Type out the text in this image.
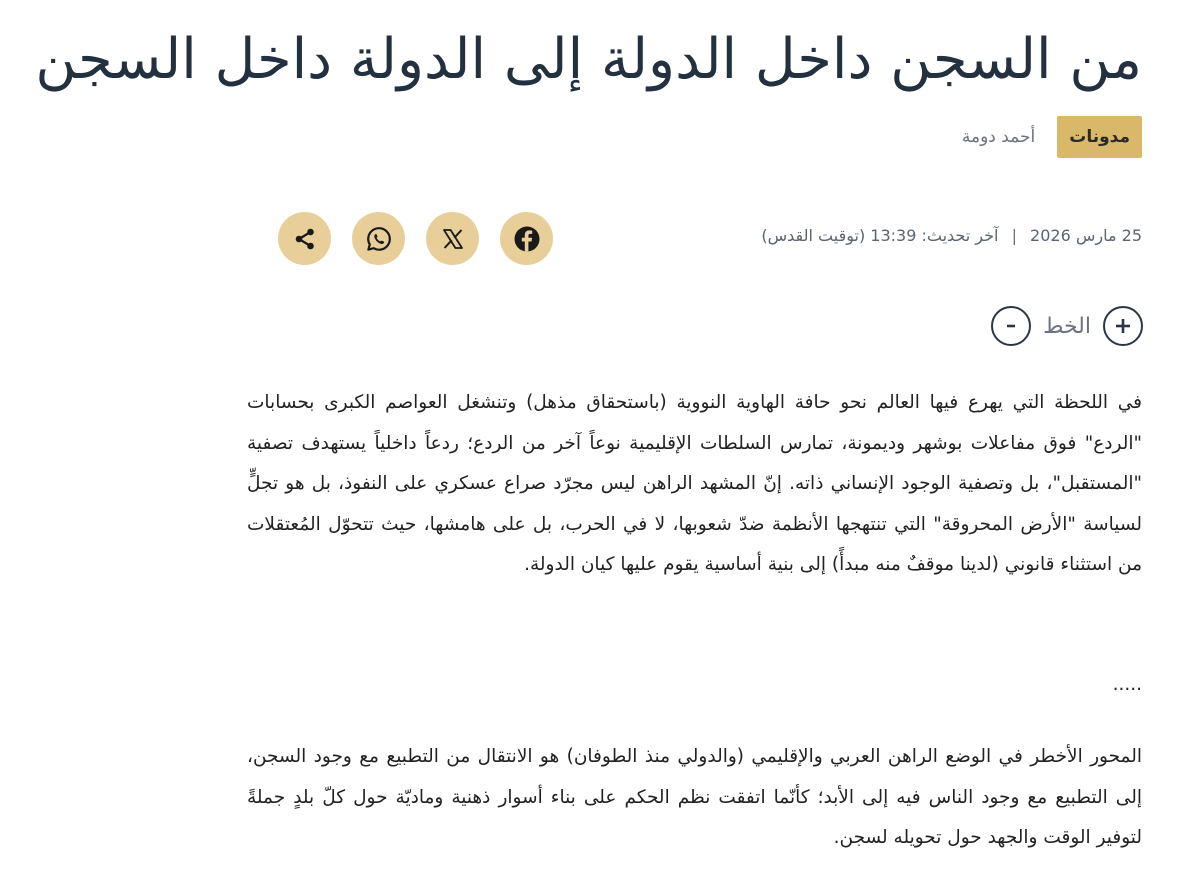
من السجن داخل الدولة إلى الدولة داخل السجن
مدونات
أحمد دومة
25 مارس 2026 | آخر تحديث: 13:39 (توقيت القدس)
الخط

في اللحظة التي يهرع فيها العالم نحو حافة الهاوية النووية (باستحقاق مذهل) وتنشغل العواصم الكبرى بحسابات "الردع" فوق مفاعلات بوشهر وديمونة، تمارس السلطات الإقليمية نوعاً آخر من الردع؛ ردعاً داخلياً يستهدف تصفية "المستقبل"، بل وتصفية الوجود الإنساني ذاته. إنّ المشهد الراهن ليس مجرّد صراع عسكري على النفوذ، بل هو تجلٍّ لسياسة "الأرض المحروقة" التي تنتهجها الأنظمة ضدّ شعوبها، لا في الحرب، بل على هامشها، حيث تتحوّل المُعتقلات من استثناء قانوني (لدينا موقفٌ منه مبدأً) إلى بنية أساسية يقوم عليها كيان الدولة.

.....

المحور الأخطر في الوضع الراهن العربي والإقليمي (والدولي منذ الطوفان) هو الانتقال من التطبيع مع وجود السجن، إلى التطبيع مع وجود الناس فيه إلى الأبد؛ كأنّما اتفقت نظم الحكم على بناء أسوار ذهنية وماديّة حول كلّ بلدٍ جملةً لتوفير الوقت والجهد حول تحويله لسجن.
